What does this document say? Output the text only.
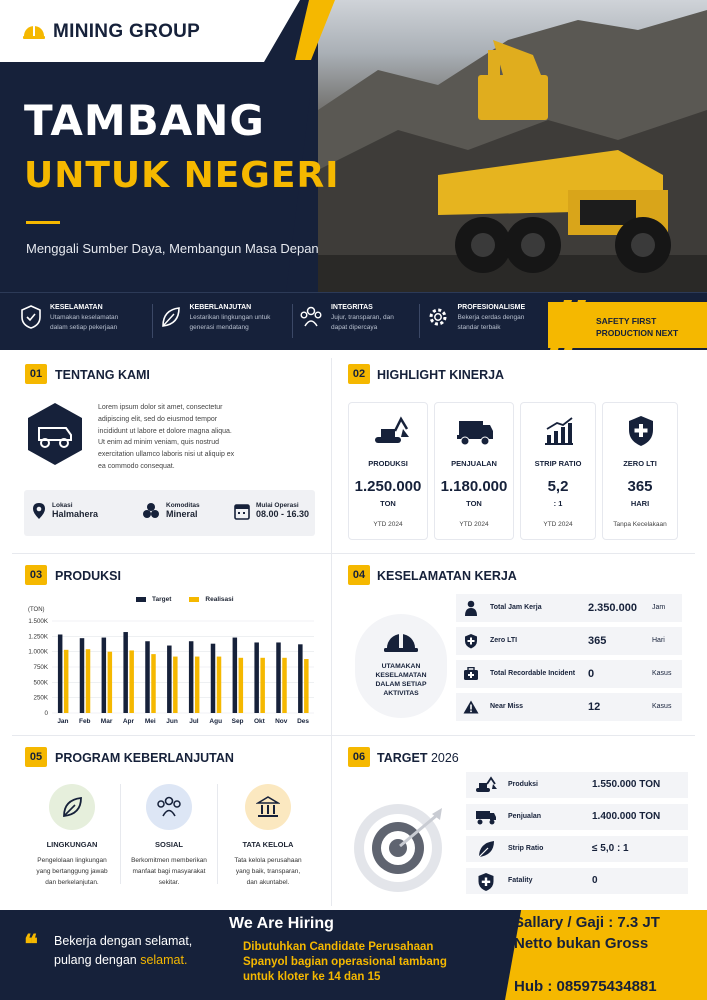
MINING GROUP
TAMBANG
UNTUK NEGERI
Menggali Sumber Daya, Membangun Masa Depan
KESELAMATAN
Utamakan keselamatan
dalam setiap pekerjaan
KEBERLANJUTAN
Lestarikan lingkungan untuk
generasi mendatang
INTEGRITAS
Jujur, transparan, dan
dapat dipercaya
PROFESIONALISME
Bekerja cerdas dengan
standar terbaik
SAFETY FIRST
PRODUCTION NEXT
01	TENTANG KAMI
Lorem ipsum dolor sit amet, consectetur
adipiscing elit, sed do eiusmod tempor
incididunt ut labore et dolore magna aliqua.
Ut enim ad minim veniam, quis nostrud
exercitation ullamco laboris nisi ut aliquip ex
ea commodo consequat.
Lokasi
Halmahera
Komoditas
Mineral
Mulai Operasi
08.00 - 16.30
02 HIGHLIGHT KINERJA
PRODUKSI
1.250.000
TON
YTD 2024
PENJUALAN
1.180.000
TON
YTD 2024
STRIP RATIO
5,2
: 1
YTD 2024
ZERO LTI
365
HARI
Tanpa Kecelakaan
03	PRODUKSI
Target	Realisasi
(TON)
0
250K
500K
750K
1.000K
1.250K
1.500K
Jan Feb Mar Apr Mei Jun Jul Agu Sep Okt Nov Des
04 KESELAMATAN KERJA
UTAMAKAN
KESELAMATAN
DALAM SETIAP
AKTIVITAS
Total Jam Kerja	2.350.000 Jam
Zero LTI	365	Hari
Total Recordable Incident 0	Kasus
Near Miss	12	Kasus
05	PROGRAM KEBERLANJUTAN
LINGKUNGAN
Pengelolaan lingkungan
yang bertanggung jawab
dan berkelanjutan.
SOSIAL
Berkomitmen memberikan
manfaat bagi masyarakat
sekitar.
TATA KELOLA
Tata kelola perusahaan
yang baik, transparan,
dan akuntabel.
06 TARGET 2026
Produksi	1.550.000 TON
Penjualan	1.400.000 TON
Strip Ratio	≤ 5,0 : 1
Fatality	0
❝ Bekerja dengan selamat,
pulang dengan selamat.
We Are Hiring
Dibutuhkan Candidate Perusahaan
Spanyol bagian operasional tambang
untuk kloter ke 14 dan 15
Sallary / Gaji : 7.3 JT
Netto bukan Gross
Hub : 085975434881
